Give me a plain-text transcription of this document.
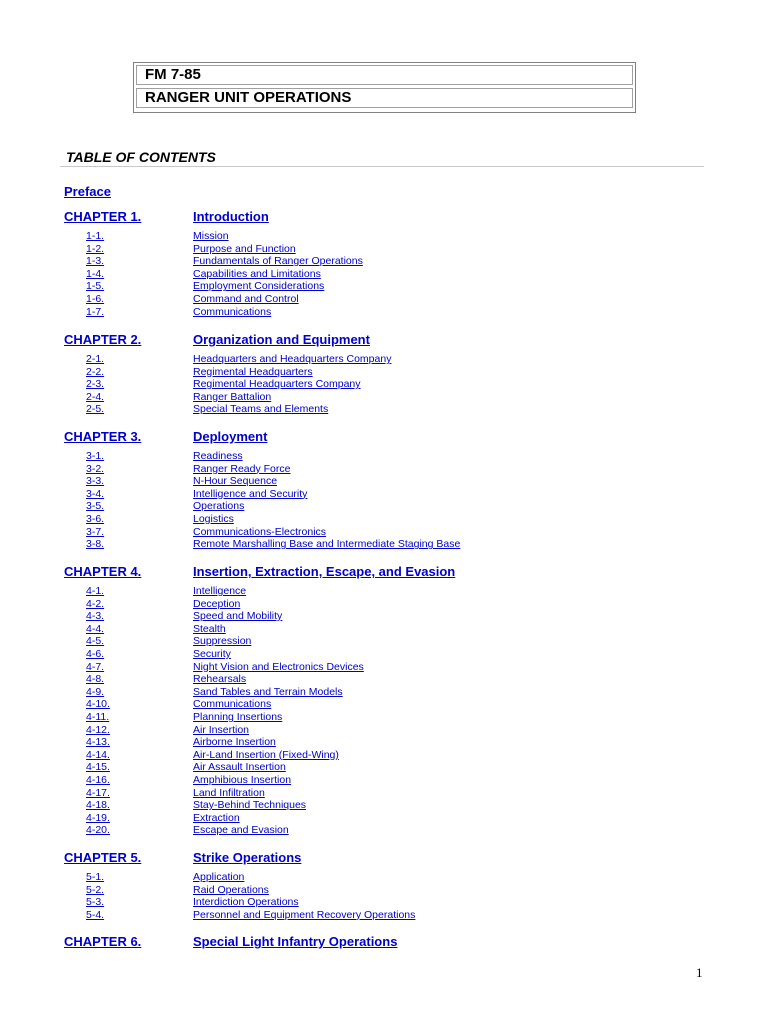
FM 7-85
RANGER UNIT OPERATIONS
TABLE OF CONTENTS
Preface
CHAPTER 1.	Introduction
1-1.	Mission
1-2.	Purpose and Function
1-3.	Fundamentals of Ranger Operations
1-4.	Capabilities and Limitations
1-5.	Employment Considerations
1-6.	Command and Control
1-7.	Communications
CHAPTER 2.	Organization and Equipment
2-1.	Headquarters and Headquarters Company
2-2.	Regimental Headquarters
2-3.	Regimental Headquarters Company
2-4.	Ranger Battalion
2-5.	Special Teams and Elements
CHAPTER 3.	Deployment
3-1.	Readiness
3-2.	Ranger Ready Force
3-3.	N-Hour Sequence
3-4.	Intelligence and Security
3-5.	Operations
3-6.	Logistics
3-7.	Communications-Electronics
3-8.	Remote Marshalling Base and Intermediate Staging Base
CHAPTER 4.	Insertion, Extraction, Escape, and Evasion
4-1.	Intelligence
4-2.	Deception
4-3.	Speed and Mobility
4-4.	Stealth
4-5.	Suppression
4-6.	Security
4-7.	Night Vision and Electronics Devices
4-8.	Rehearsals
4-9.	Sand Tables and Terrain Models
4-10.	Communications
4-11.	Planning Insertions
4-12.	Air Insertion
4-13.	Airborne Insertion
4-14.	Air-Land Insertion (Fixed-Wing)
4-15.	Air Assault Insertion
4-16.	Amphibious Insertion
4-17.	Land Infiltration
4-18.	Stay-Behind Techniques
4-19.	Extraction
4-20.	Escape and Evasion
CHAPTER 5.	Strike Operations
5-1.	Application
5-2.	Raid Operations
5-3.	Interdiction Operations
5-4.	Personnel and Equipment Recovery Operations
CHAPTER 6.	Special Light Infantry Operations
1
